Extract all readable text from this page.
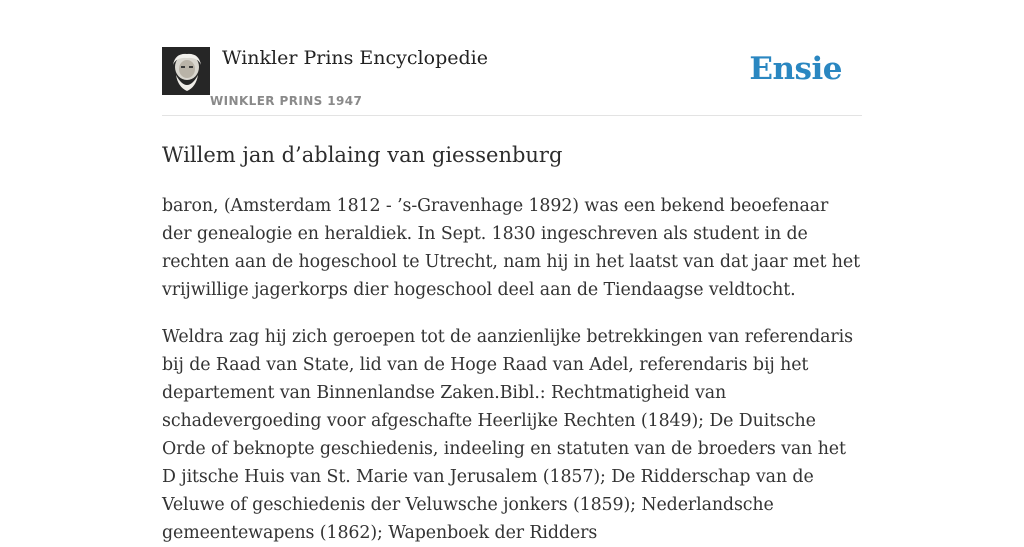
Winkler Prins Encyclopedie
WINKLER PRINS 1947
Ensie
Willem jan d’ablaing van giessenburg

baron, (Amsterdam 1812 - ’s-Gravenhage 1892) was een bekend beoefenaar der genealogie en heraldiek. In Sept. 1830 ingeschreven als student in de rechten aan de hogeschool te Utrecht, nam hij in het laatst van dat jaar met het vrijwillige jagerkorps dier hogeschool deel aan de Tiendaagse veldtocht.

Weldra zag hij zich geroepen tot de aanzienlijke betrekkingen van referendaris bij de Raad van State, lid van de Hoge Raad van Adel, referendaris bij het departement van Binnenlandse Zaken.Bibl.: Rechtmatigheid van schadevergoeding voor afgeschafte Heerlijke Rechten (1849); De Duitsche Orde of beknopte geschiedenis, indeeling en statuten van de broeders van het D jitsche Huis van St. Marie van Jerusalem (1857); De Ridderschap van de Veluwe of geschiedenis der Veluwsche jonkers (1859); Nederlandsche gemeentewapens (1862); Wapenboek der Ridders
